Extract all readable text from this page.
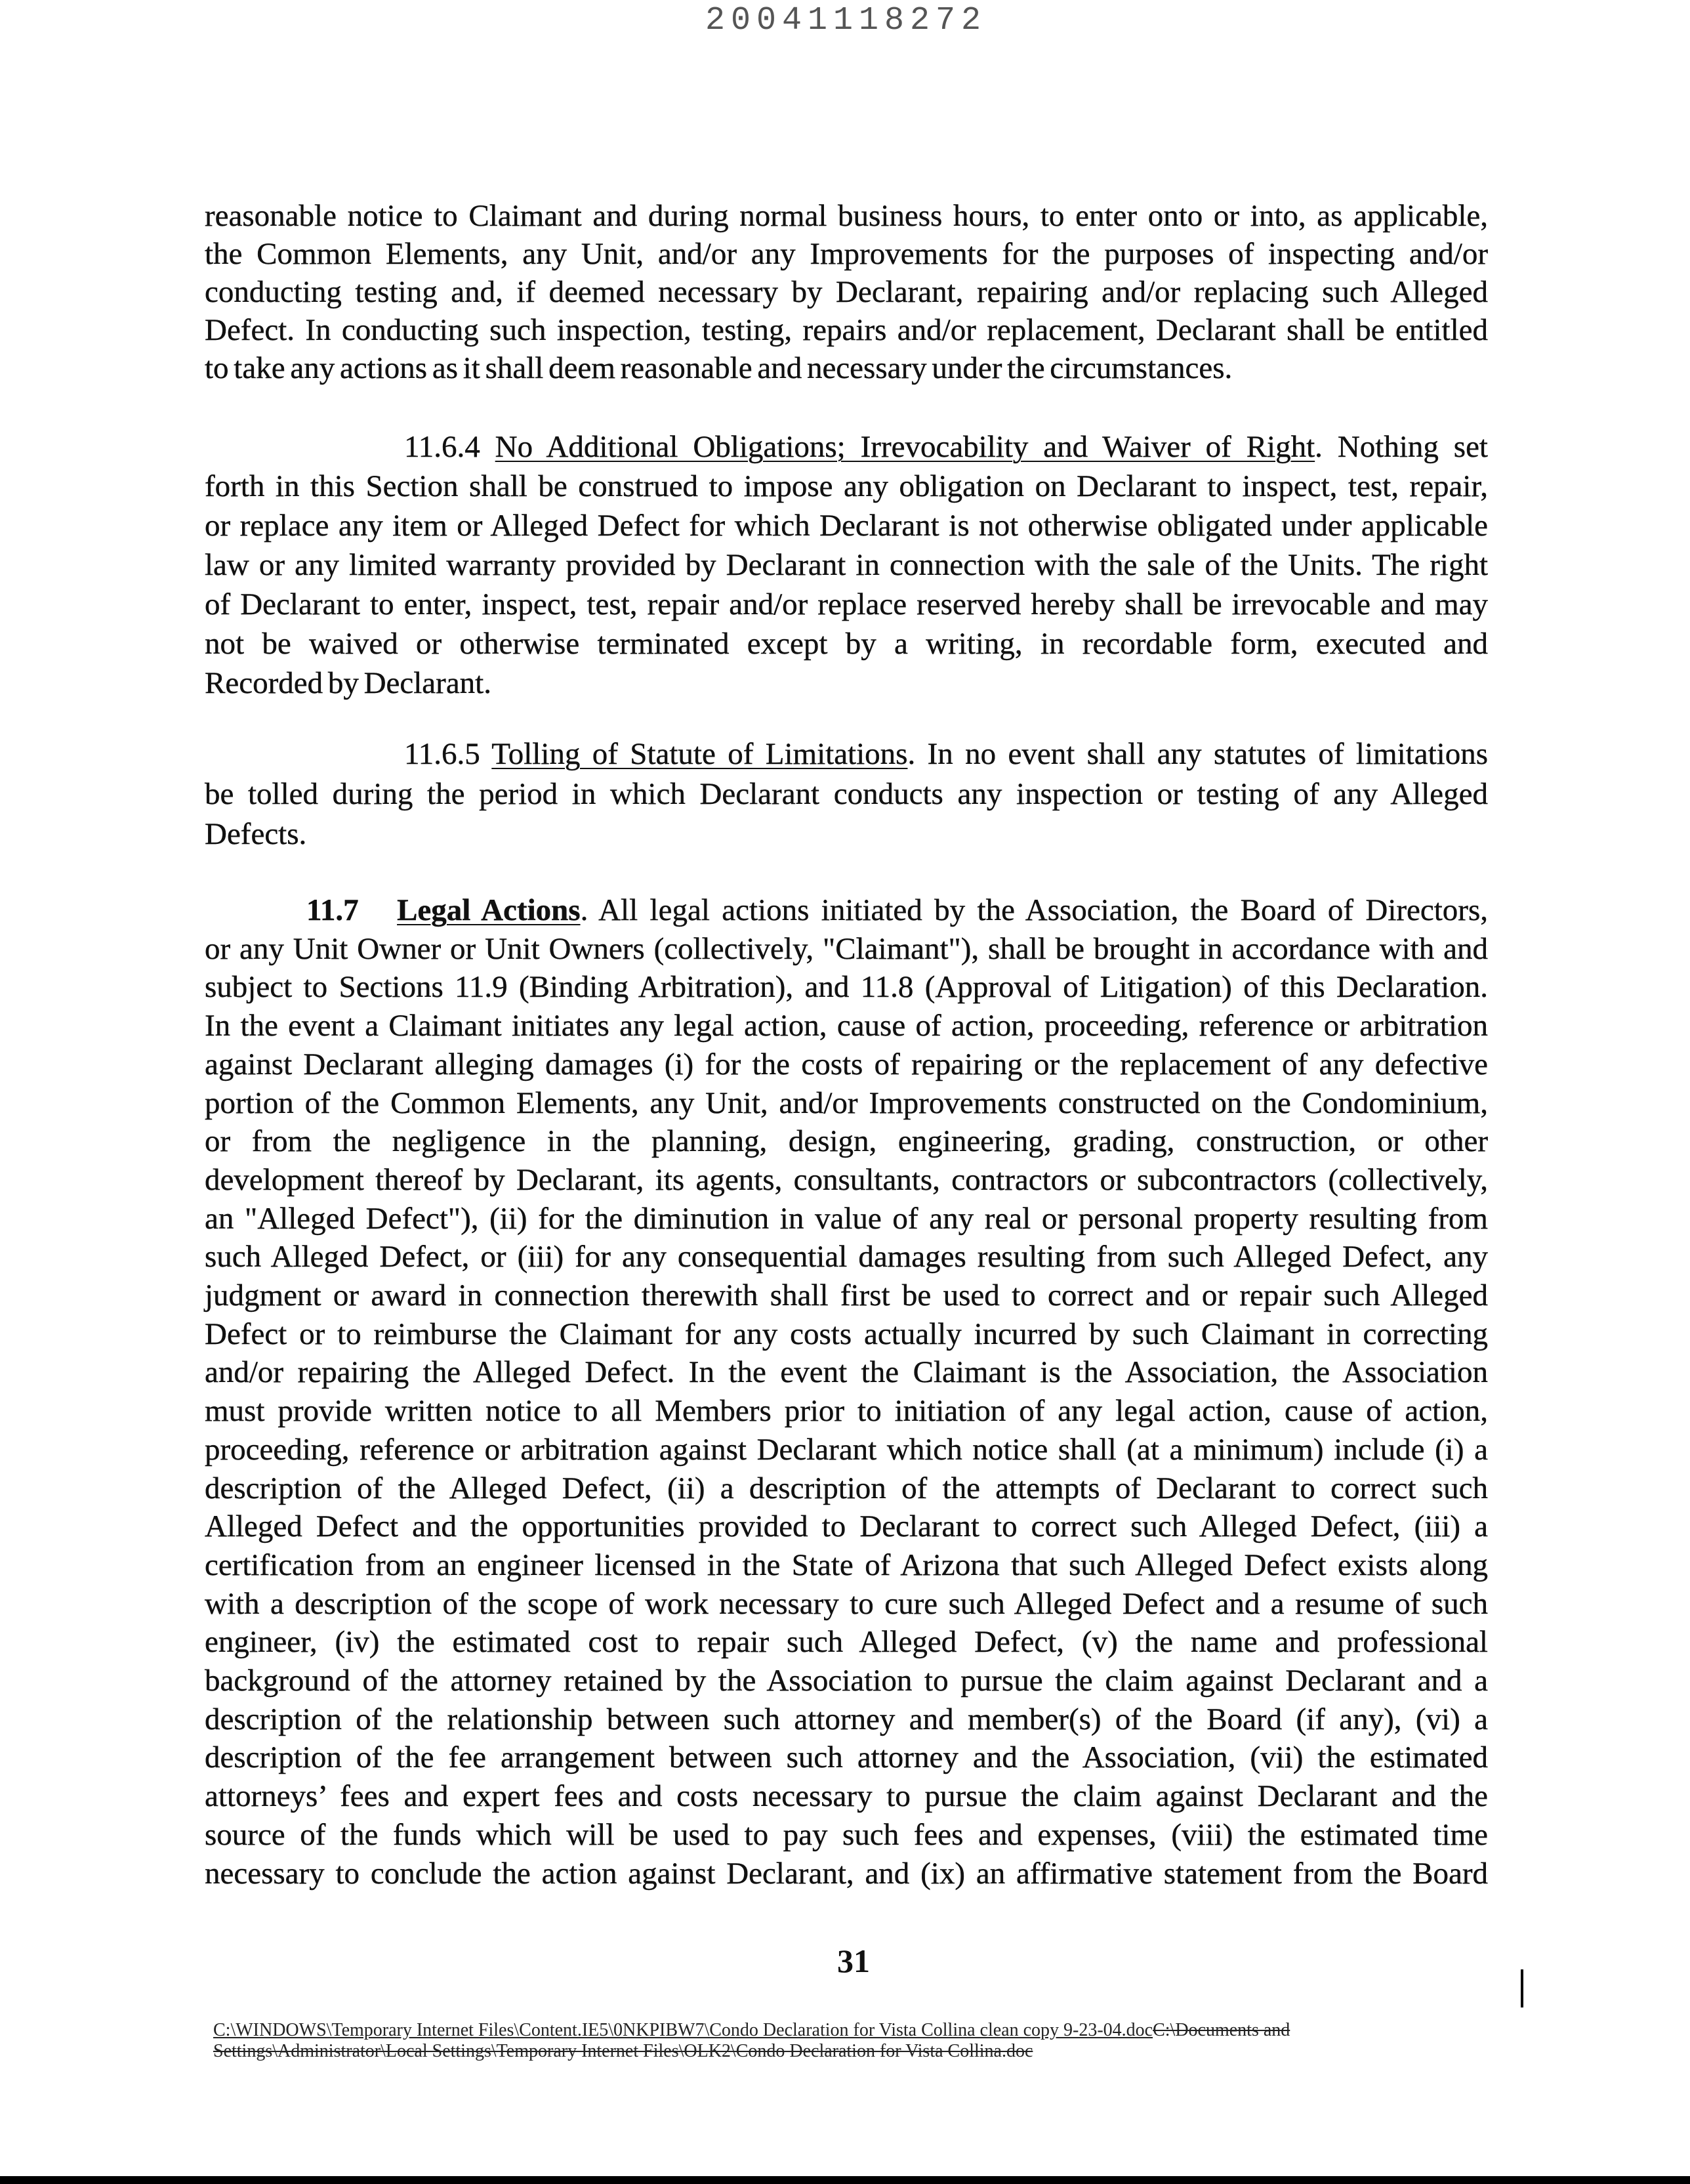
20041118272
reasonable notice to Claimant and during normal business hours, to enter onto or into, as applicable,
the Common Elements, any Unit, and/or any Improvements for the purposes of inspecting and/or
conducting testing and, if deemed necessary by Declarant, repairing and/or replacing such Alleged
Defect. In conducting such inspection, testing, repairs and/or replacement, Declarant shall be entitled
to take any actions as it shall deem reasonable and necessary under the circumstances.
11.6.4 No Additional Obligations; Irrevocability and Waiver of Right. Nothing set
forth in this Section shall be construed to impose any obligation on Declarant to inspect, test, repair,
or replace any item or Alleged Defect for which Declarant is not otherwise obligated under applicable
law or any limited warranty provided by Declarant in connection with the sale of the Units. The right
of Declarant to enter, inspect, test, repair and/or replace reserved hereby shall be irrevocable and may
not be waived or otherwise terminated except by a writing, in recordable form, executed and
Recorded by Declarant.
11.6.5 Tolling of Statute of Limitations. In no event shall any statutes of limitations
be tolled during the period in which Declarant conducts any inspection or testing of any Alleged
Defects.
11.7 Legal Actions. All legal actions initiated by the Association, the Board of Directors,
or any Unit Owner or Unit Owners (collectively, "Claimant"), shall be brought in accordance with and
subject to Sections 11.9 (Binding Arbitration), and 11.8 (Approval of Litigation) of this Declaration.
In the event a Claimant initiates any legal action, cause of action, proceeding, reference or arbitration
against Declarant alleging damages (i) for the costs of repairing or the replacement of any defective
portion of the Common Elements, any Unit, and/or Improvements constructed on the Condominium,
or from the negligence in the planning, design, engineering, grading, construction, or other
development thereof by Declarant, its agents, consultants, contractors or subcontractors (collectively,
an "Alleged Defect"), (ii) for the diminution in value of any real or personal property resulting from
such Alleged Defect, or (iii) for any consequential damages resulting from such Alleged Defect, any
judgment or award in connection therewith shall first be used to correct and or repair such Alleged
Defect or to reimburse the Claimant for any costs actually incurred by such Claimant in correcting
and/or repairing the Alleged Defect. In the event the Claimant is the Association, the Association
must provide written notice to all Members prior to initiation of any legal action, cause of action,
proceeding, reference or arbitration against Declarant which notice shall (at a minimum) include (i) a
description of the Alleged Defect, (ii) a description of the attempts of Declarant to correct such
Alleged Defect and the opportunities provided to Declarant to correct such Alleged Defect, (iii) a
certification from an engineer licensed in the State of Arizona that such Alleged Defect exists along
with a description of the scope of work necessary to cure such Alleged Defect and a resume of such
engineer, (iv) the estimated cost to repair such Alleged Defect, (v) the name and professional
background of the attorney retained by the Association to pursue the claim against Declarant and a
description of the relationship between such attorney and member(s) of the Board (if any), (vi) a
description of the fee arrangement between such attorney and the Association, (vii) the estimated
attorneys’ fees and expert fees and costs necessary to pursue the claim against Declarant and the
source of the funds which will be used to pay such fees and expenses, (viii) the estimated time
necessary to conclude the action against Declarant, and (ix) an affirmative statement from the Board
31
C:\WINDOWS\Temporary Internet Files\Content.IE5\0NKPIBW7\Condo Declaration for Vista Collina clean copy 9-23-04.docC:\Documents and
Settings\Administrator\Local Settings\Temporary Internet Files\OLK2\Condo Declaration for Vista Collina.doc
